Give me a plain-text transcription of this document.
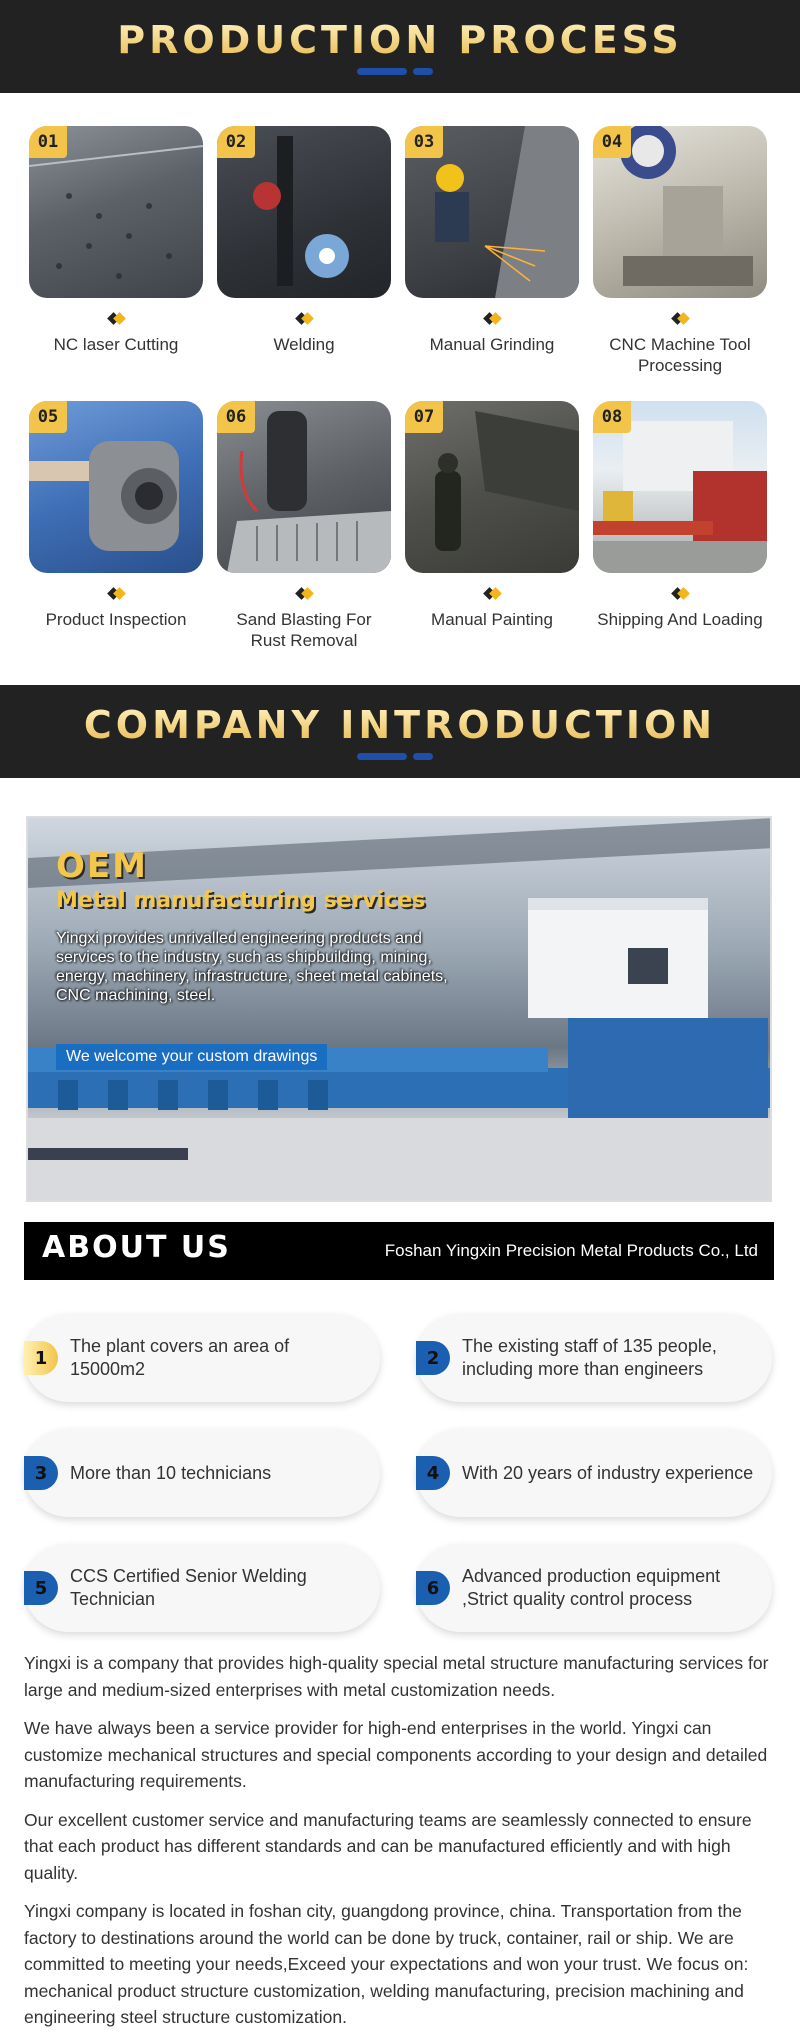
PRODUCTION PROCESS
01
NC laser Cutting
02
Welding
03
Manual Grinding
04
CNC Machine Tool Processing
05
Product Inspection
06
Sand Blasting For Rust Removal
07
Manual Painting
08
Shipping And Loading
COMPANY INTRODUCTION
OEM
Metal manufacturing services
Yingxi provides unrivalled engineering products and services to the industry, such as shipbuilding, mining, energy, machinery, infrastructure, sheet metal cabinets, CNC machining, steel.
We welcome your custom drawings
ABOUT US	Foshan Yingxin Precision Metal Products Co., Ltd
1
The plant covers an area of 15000m2
2
The existing staff of 135 people, including more than engineers
3	More than 10 technicians	4	With 20 years of industry experience
5
CCS Certified Senior Welding Technician
6
Advanced production equipment ,Strict quality control process

Yingxi is a company that provides high-quality special metal structure manufacturing services for large and medium-sized enterprises with metal customization needs.

We have always been a service provider for high-end enterprises in the world. Yingxi can customize mechanical structures and special components according to your design and detailed manufacturing requirements.

Our excellent customer service and manufacturing teams are seamlessly connected to ensure that each product has different standards and can be manufactured efficiently and with high quality.

Yingxi company is located in foshan city, guangdong province, china. Transportation from the factory to destinations around the world can be done by truck, container, rail or ship. We are committed to meeting your needs,Exceed your expectations and won your trust. We focus on: mechanical product structure customization, welding manufacturing, precision machining and engineering steel structure customization.
